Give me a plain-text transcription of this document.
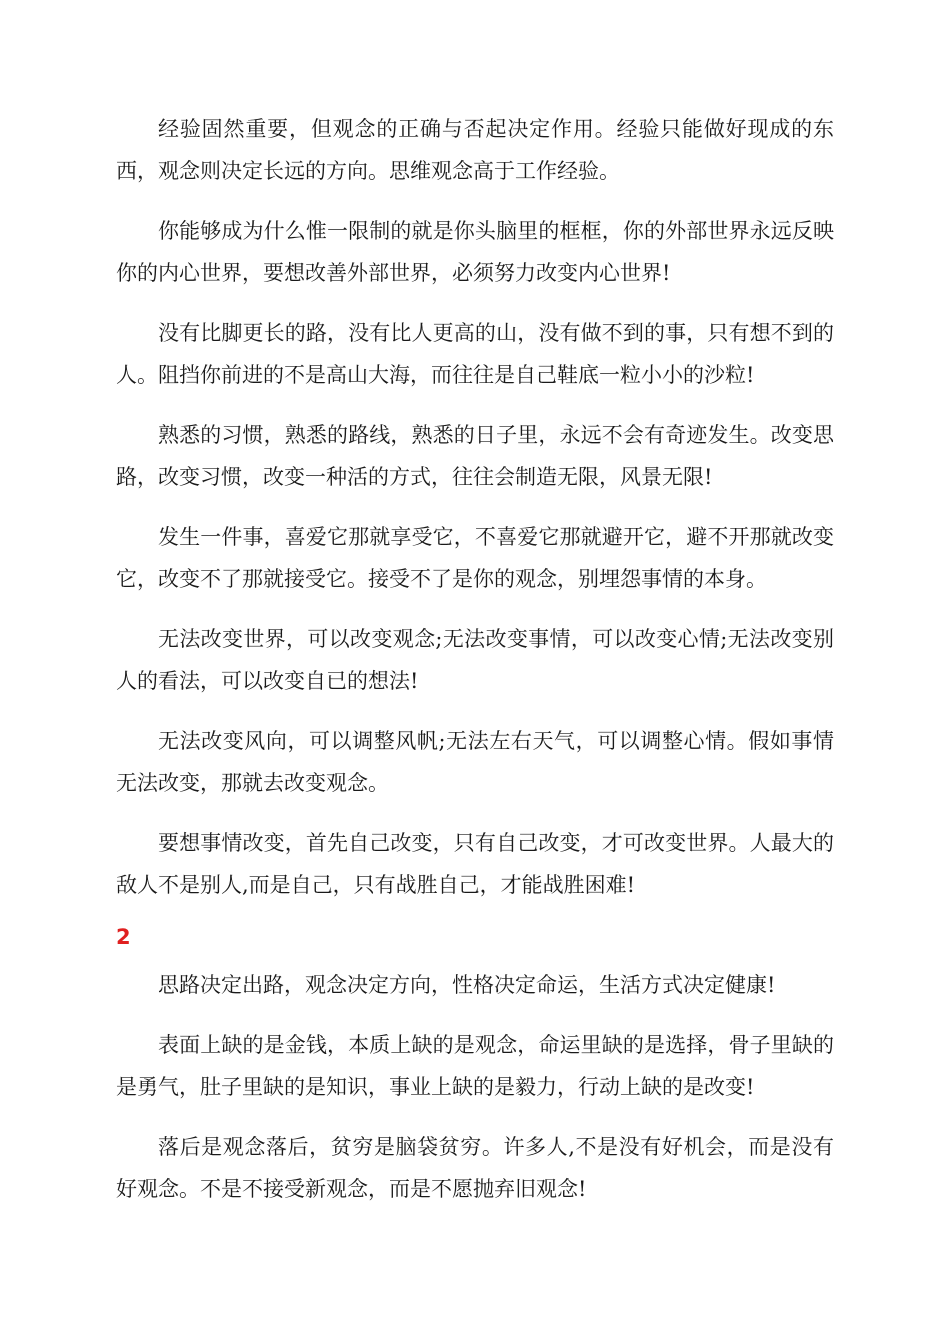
经验固然重要，但观念的正确与否起决定作用。经验只能做好现成的东西，观念则决定长远的方向。思维观念高于工作经验。

你能够成为什么惟一限制的就是你头脑里的框框，你的外部世界永远反映你的内心世界，要想改善外部世界，必须努力改变内心世界!

没有比脚更长的路，没有比人更高的山，没有做不到的事，只有想不到的人。阻挡你前进的不是高山大海，而往往是自己鞋底一粒小小的沙粒!

熟悉的习惯，熟悉的路线，熟悉的日子里，永远不会有奇迹发生。改变思路，改变习惯，改变一种活的方式，往往会制造无限，风景无限!

发生一件事，喜爱它那就享受它，不喜爱它那就避开它，避不开那就改变它，改变不了那就接受它。接受不了是你的观念，别埋怨事情的本身。

无法改变世界，可以改变观念;无法改变事情，可以改变心情;无法改变别人的看法，可以改变自已的想法!

无法改变风向，可以调整风帆;无法左右天气，可以调整心情。假如事情无法改变，那就去改变观念。

要想事情改变，首先自己改变，只有自己改变，才可改变世界。人最大的敌人不是别人,而是自己，只有战胜自己，才能战胜困难!

2

思路决定出路，观念决定方向，性格决定命运，生活方式决定健康!

表面上缺的是金钱，本质上缺的是观念，命运里缺的是选择，骨子里缺的是勇气，肚子里缺的是知识，事业上缺的是毅力，行动上缺的是改变!

落后是观念落后，贫穷是脑袋贫穷。许多人,不是没有好机会，而是没有好观念。不是不接受新观念，而是不愿抛弃旧观念!
